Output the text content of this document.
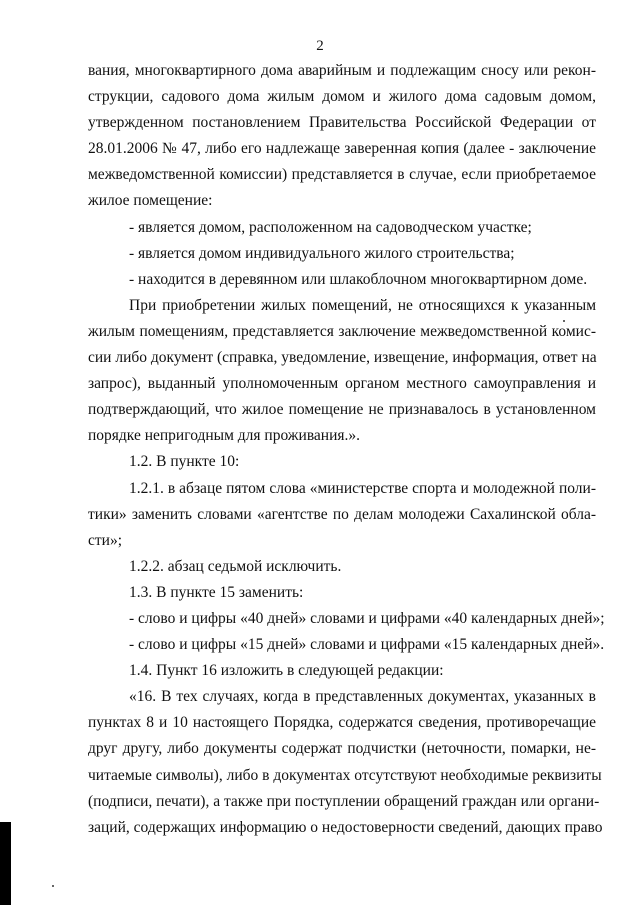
2
вания, многоквартирного дома аварийным и подлежащим сносу или рекон-
струкции, садового дома жилым домом и жилого дома садовым домом,
утвержденном постановлением Правительства Российской Федерации от
28.01.2006 № 47, либо его надлежаще заверенная копия (далее - заключение
межведомственной комиссии) представляется в случае, если приобретаемое
жилое помещение:
- является домом, расположенном на садоводческом участке;
- является домом индивидуального жилого строительства;
- находится в деревянном или шлакоблочном многоквартирном доме.
При приобретении жилых помещений, не относящихся к указанным
жилым помещениям, представляется заключение межведомственной комис-
сии либо документ (справка, уведомление, извещение, информация, ответ на
запрос), выданный уполномоченным органом местного самоуправления и
подтверждающий, что жилое помещение не признавалось в установленном
порядке непригодным для проживания.».
1.2. В пункте 10:
1.2.1. в абзаце пятом слова «министерстве спорта и молодежной поли-
тики» заменить словами «агентстве по делам молодежи Сахалинской обла-
сти»;
1.2.2. абзац седьмой исключить.
1.3. В пункте 15 заменить:
- слово и цифры «40 дней» словами и цифрами «40 календарных дней»;
- слово и цифры «15 дней» словами и цифрами «15 календарных дней».
1.4. Пункт 16 изложить в следующей редакции:
«16. В тех случаях, когда в представленных документах, указанных в
пунктах 8 и 10 настоящего Порядка, содержатся сведения, противоречащие
друг другу, либо документы содержат подчистки (неточности, помарки, не-
читаемые символы), либо в документах отсутствуют необходимые реквизиты
(подписи, печати), а также при поступлении обращений граждан или органи-
заций, содержащих информацию о недостоверности сведений, дающих право
